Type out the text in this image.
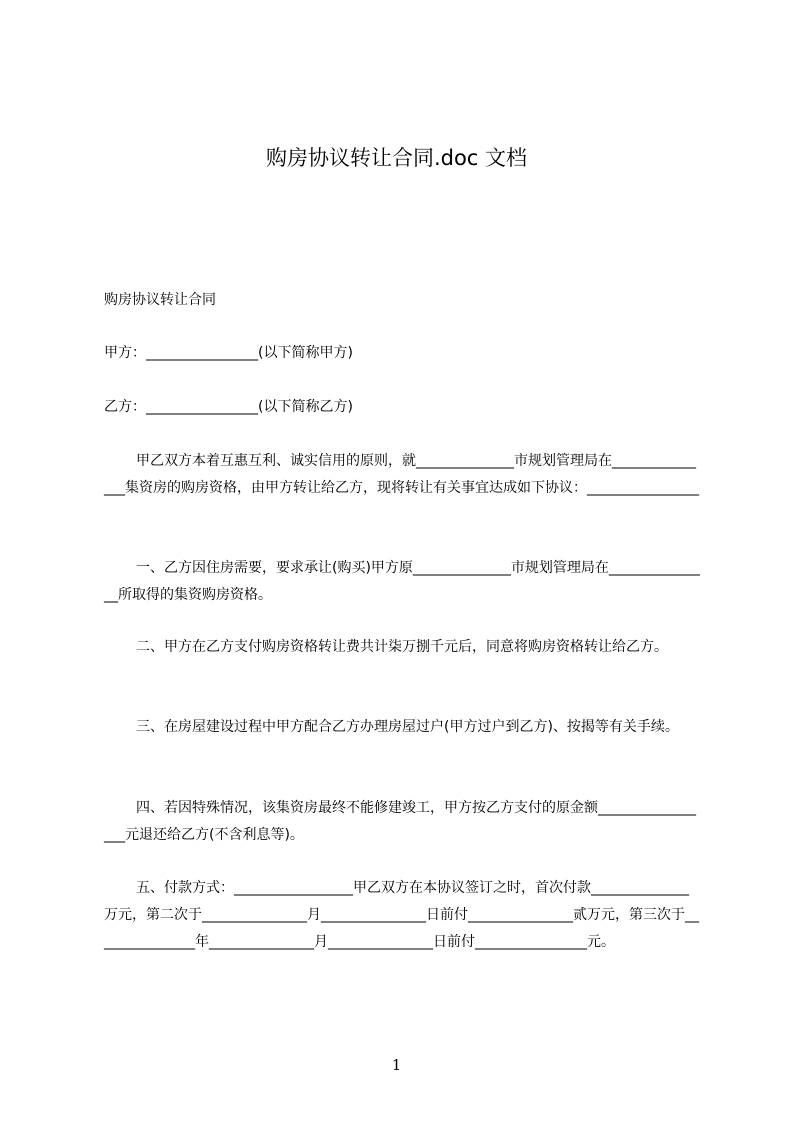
购房协议转让合同.doc 文档
购房协议转让合同
甲方：________________(以下简称甲方)
乙方：________________(以下简称乙方)
甲乙双方本着互惠互利、诚实信用的原则，就______________市规划管理局在_______________集资房的购房资格，由甲方转让给乙方，现将转让有关事宜达成如下协议：________________
一、乙方因住房需要，要求承让(购买)甲方原______________市规划管理局在_______________所取得的集资购房资格。
二、甲方在乙方支付购房资格转让费共计柒万捌千元后，同意将购房资格转让给乙方。
三、在房屋建设过程中甲方配合乙方办理房屋过户(甲方过户到乙方)、按揭等有关手续。
四、若因特殊情况，该集资房最终不能修建竣工，甲方按乙方支付的原金额_________________元退还给乙方(不含利息等)。
五、付款方式：_________________甲乙双方在本协议签订之时，首次付款______________万元，第二次于_______________月_______________日前付_______________贰万元，第三次于_______________年_______________月_______________日前付________________元。
1
